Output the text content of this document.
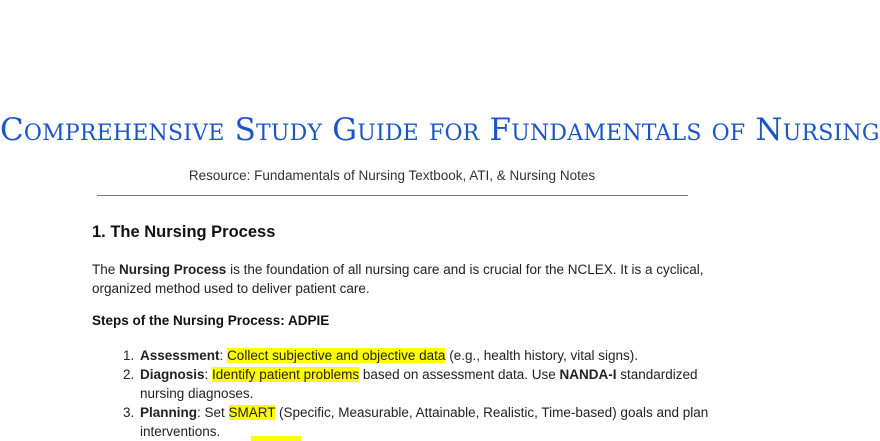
Comprehensive Study Guide for Fundamentals of Nursing
Resource: Fundamentals of Nursing Textbook, ATI, & Nursing Notes
1. The Nursing Process
The Nursing Process is the foundation of all nursing care and is crucial for the NCLEX. It is a cyclical, organized method used to deliver patient care.
Steps of the Nursing Process: ADPIE
1. Assessment: Collect subjective and objective data (e.g., health history, vital signs).
2. Diagnosis: Identify patient problems based on assessment data. Use NANDA-I standardized nursing diagnoses.
3. Planning: Set SMART (Specific, Measurable, Attainable, Realistic, Time-based) goals and plan interventions.
